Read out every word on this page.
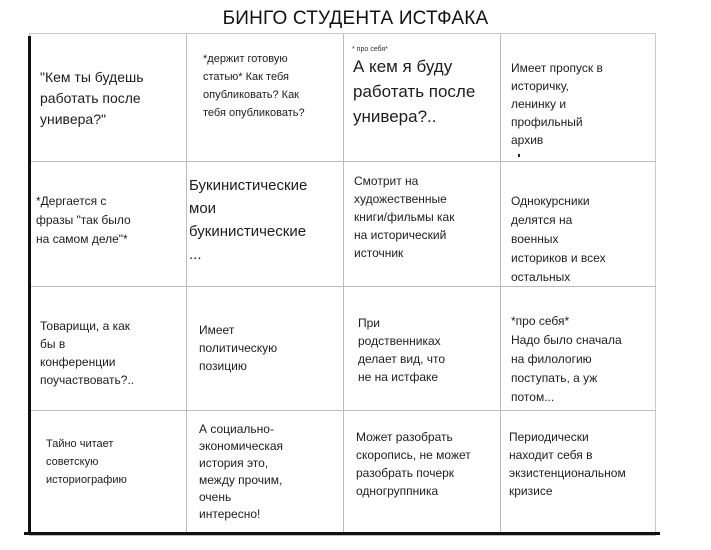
БИНГО СТУДЕНТА ИСТФАКА
"Кем ты будешь
работать после
универa?"
*держит готовую
статью* Как тебя
опубликовать? Как
тебя опубликовать?
* про себя*
А кем я буду
работать после
универа?..
Имеет пропуск в
историчку,
ленинку и
профильный
архив
*Дергается с
фразы "так было
на самом деле"*
Букинистические
мои
букинистические
...
Смотрит на
художественные
книги/фильмы как
на исторический
источник
Однокурсники
делятся на
военных
историков и всех
остальных
Товарищи, а как
бы в
конференции
поучаствовать?..
Имеет
политическую
позицию
При
родственниках
делает вид, что
не на истфаке
*про себя*
Надо было сначала
на филологию
поступать, а уж
потом...
Тайно читает
советскую
историографию
А социально-
экономическая
история это,
между прочим,
очень
интересно!
Может разобрать
скоропись, не может
разобрать почерк
одногруппника
Периодически
находит себя в
экзистенциональном
кризисе
